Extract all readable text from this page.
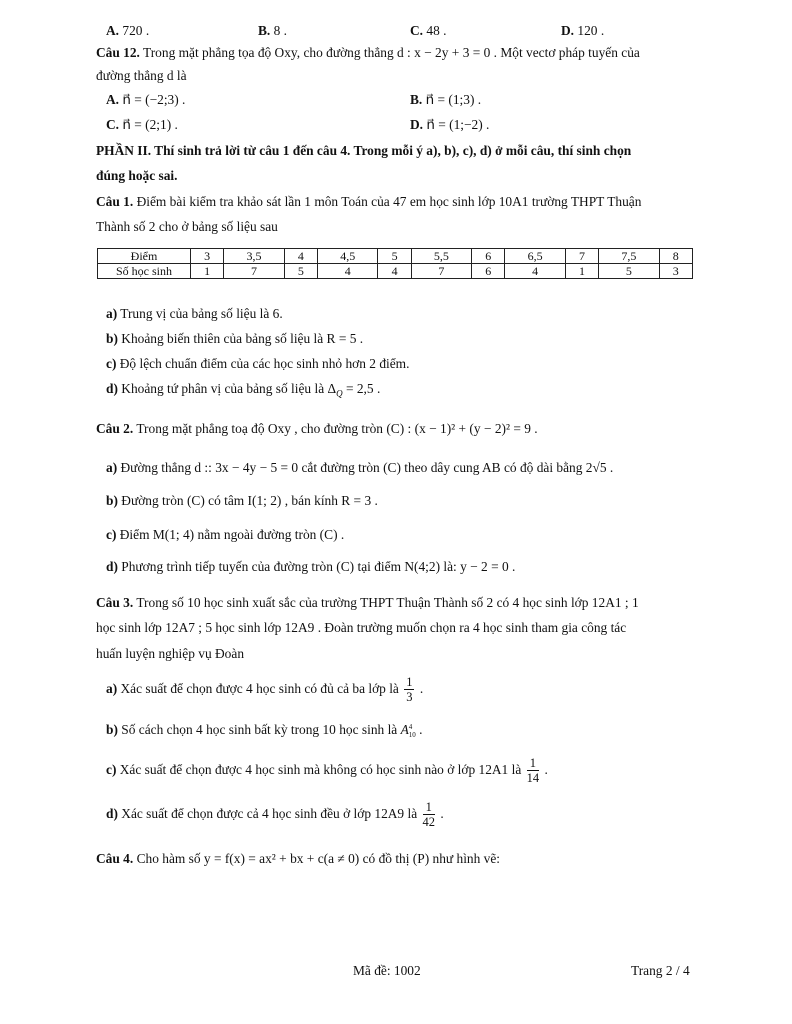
A. 720 .	B. 8 .	C. 48 .	D. 120 .
Câu 12. Trong mặt phẳng tọa độ Oxy, cho đường thẳng d : x − 2y + 3 = 0 . Một vectơ pháp tuyến của
đường thẳng d là
A. n⃗ = (−2;3) .	B. n⃗ = (1;3) .
C. n⃗ = (2;1) .	D. n⃗ = (1;−2) .
PHẦN II. Thí sinh trả lời từ câu 1 đến câu 4. Trong mỗi ý a), b), c), d) ở mỗi câu, thí sinh chọn
đúng hoặc sai.
Câu 1. Điểm bài kiểm tra khảo sát lần 1 môn Toán của 47 em học sinh lớp 10A1 trường THPT Thuận
Thành số 2 cho ở bảng số liệu sau
Điểm	3	3,5	4	4,5	5	5,5	6	6,5	7	7,5	8
Số học sinh	1	7	5	4	4	7	6	4	1	5	3
a) Trung vị của bảng số liệu là 6.
b) Khoảng biến thiên của bảng số liệu là R = 5 .
c) Độ lệch chuẩn điểm của các học sinh nhỏ hơn 2 điểm.
d) Khoảng tứ phân vị của bảng số liệu là $\Delta_Q = 2,5$ .
Câu 2. Trong mặt phẳng toạ độ Oxy , cho đường tròn (C) : (x − 1)² + (y − 2)² = 9 .
a) Đường thẳng d :: 3x − 4y − 5 = 0 cắt đường tròn (C) theo dây cung AB có độ dài bằng 2√5 .
b) Đường tròn (C) có tâm I(1; 2) , bán kính R = 3 .
c) Điểm M(1; 4) nằm ngoài đường tròn (C) .
d) Phương trình tiếp tuyến của đường tròn (C) tại điểm N(4;2) là: y − 2 = 0 .
Câu 3. Trong số 10 học sinh xuất sắc của trường THPT Thuận Thành số 2 có 4 học sinh lớp 12A1 ; 1
học sinh lớp 12A7 ; 5 học sinh lớp 12A9 . Đoàn trường muốn chọn ra 4 học sinh tham gia công tác
huấn luyện nghiệp vụ Đoàn
a) Xác suất để chọn được 4 học sinh có đủ cả ba lớp là $\frac{1}{3}$ .
b) Số cách chọn 4 học sinh bất kỳ trong 10 học sinh là A 4
10 .
c) Xác suất để chọn được 4 học sinh mà không có học sinh nào ở lớp 12A1 là $\frac{1}{14}$ .
d) Xác suất để chọn được cả 4 học sinh đều ở lớp 12A9 là $\frac{1}{42}$ .
Câu 4. Cho hàm số y = f(x) = ax² + bx + c(a ≠ 0) có đồ thị (P) như hình vẽ:
Mã đề: 1002	Trang 2 / 4
